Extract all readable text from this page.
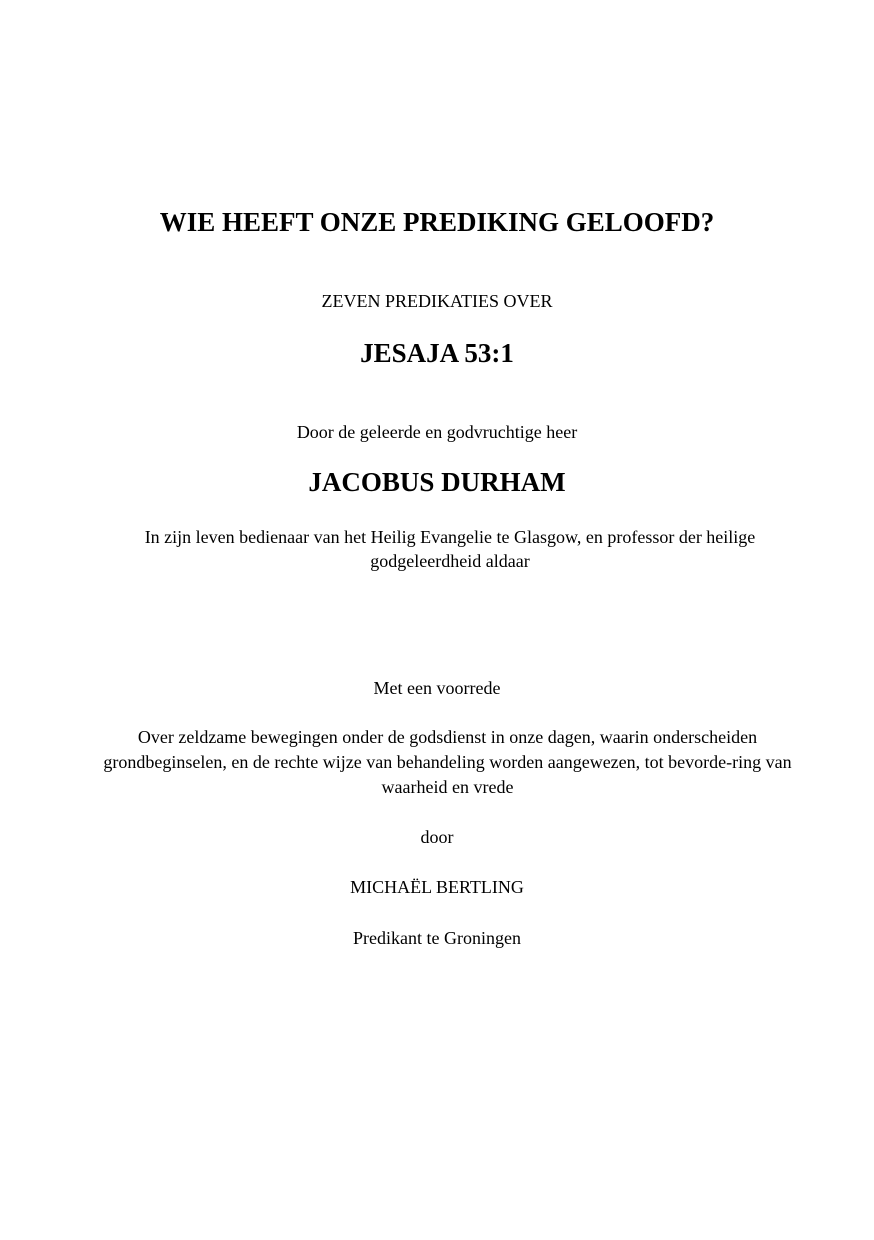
WIE HEEFT ONZE PREDIKING GELOOFD?

ZEVEN PREDIKATIES OVER

JESAJA 53:1

Door de geleerde en godvruchtige heer

JACOBUS DURHAM

In zijn leven bedienaar van het Heilig Evangelie te Glasgow, en professor der heilige godgeleerdheid aldaar

Met een voorrede

Over zeldzame bewegingen onder de godsdienst in onze dagen, waarin onderscheiden grondbeginselen, en de rechte wijze van behandeling worden aangewezen, tot bevorde-ring van waarheid en vrede

door

MICHAËL BERTLING

Predikant te Groningen
